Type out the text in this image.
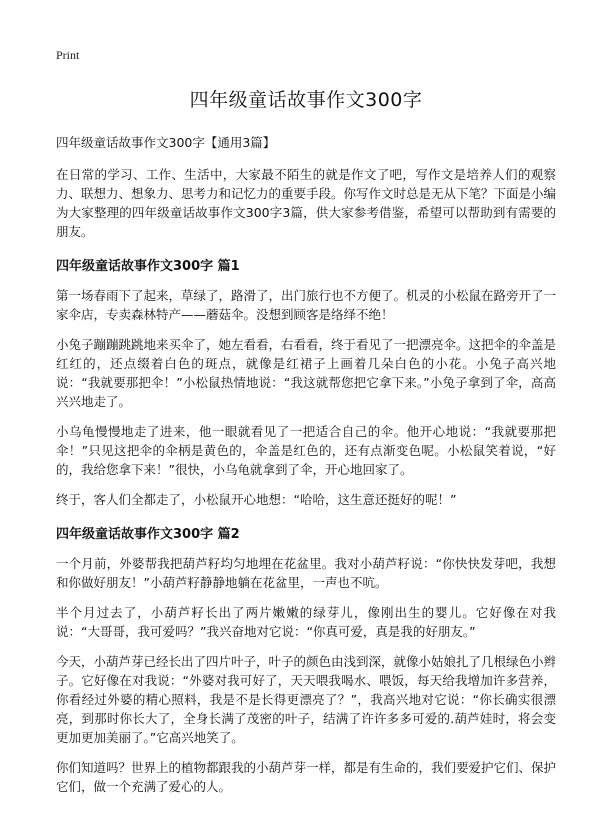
Print
四年级童话故事作文300字
四年级童话故事作文300字【通用3篇】

在日常的学习、工作、生活中，大家最不陌生的就是作文了吧，写作文是培养人们的观察力、联想力、想象力、思考力和记忆力的重要手段。你写作文时总是无从下笔？下面是小编为大家整理的四年级童话故事作文300字3篇，供大家参考借鉴，希望可以帮助到有需要的朋友。

四年级童话故事作文300字 篇1

第一场春雨下了起来，草绿了，路滑了，出门旅行也不方便了。机灵的小松鼠在路旁开了一家伞店，专卖森林特产——蘑菇伞。没想到顾客是络绎不绝！

小兔子蹦蹦跳跳地来买伞了，她左看看，右看看，终于看见了一把漂亮伞。这把伞的伞盖是红红的，还点缀着白色的斑点，就像是红裙子上画着几朵白色的小花。小兔子高兴地说：“我就要那把伞！”小松鼠热情地说：“我这就帮您把它拿下来。”小兔子拿到了伞，高高兴兴地走了。

小乌龟慢慢地走了进来，他一眼就看见了一把适合自己的伞。他开心地说：“我就要那把伞！”只见这把伞的伞柄是黄色的，伞盖是红色的，还有点渐变色呢。小松鼠笑着说，“好的，我给您拿下来！”很快，小乌龟就拿到了伞，开心地回家了。

终于，客人们全都走了，小松鼠开心地想：“哈哈，这生意还挺好的呢！”

四年级童话故事作文300字 篇2

一个月前，外婆帮我把葫芦籽均匀地埋在花盆里。我对小葫芦籽说：“你快快发芽吧，我想和你做好朋友！”小葫芦籽静静地躺在花盆里，一声也不吭。

半个月过去了，小葫芦籽长出了两片嫩嫩的绿芽儿，像刚出生的婴儿。它好像在对我说：“大哥哥，我可爱吗？”我兴奋地对它说：“你真可爱，真是我的好朋友。”

今天，小葫芦芽已经长出了四片叶子，叶子的颜色由浅到深，就像小姑娘扎了几根绿色小辫子。它好像在对我说：“外婆对我可好了，天天喂我喝水、喂饭，每天给我增加许多营养，你看经过外婆的精心照料，我是不是长得更漂亮了？”，我高兴地对它说：“你长确实很漂亮，到那时你长大了，全身长满了茂密的叶子，结满了许许多多可爱的.葫芦娃时，将会变更加更加美丽了。”它高兴地笑了。

你们知道吗？世界上的植物都跟我的小葫芦芽一样，都是有生命的，我们要爱护它们、保护它们，做一个充满了爱心的人。
